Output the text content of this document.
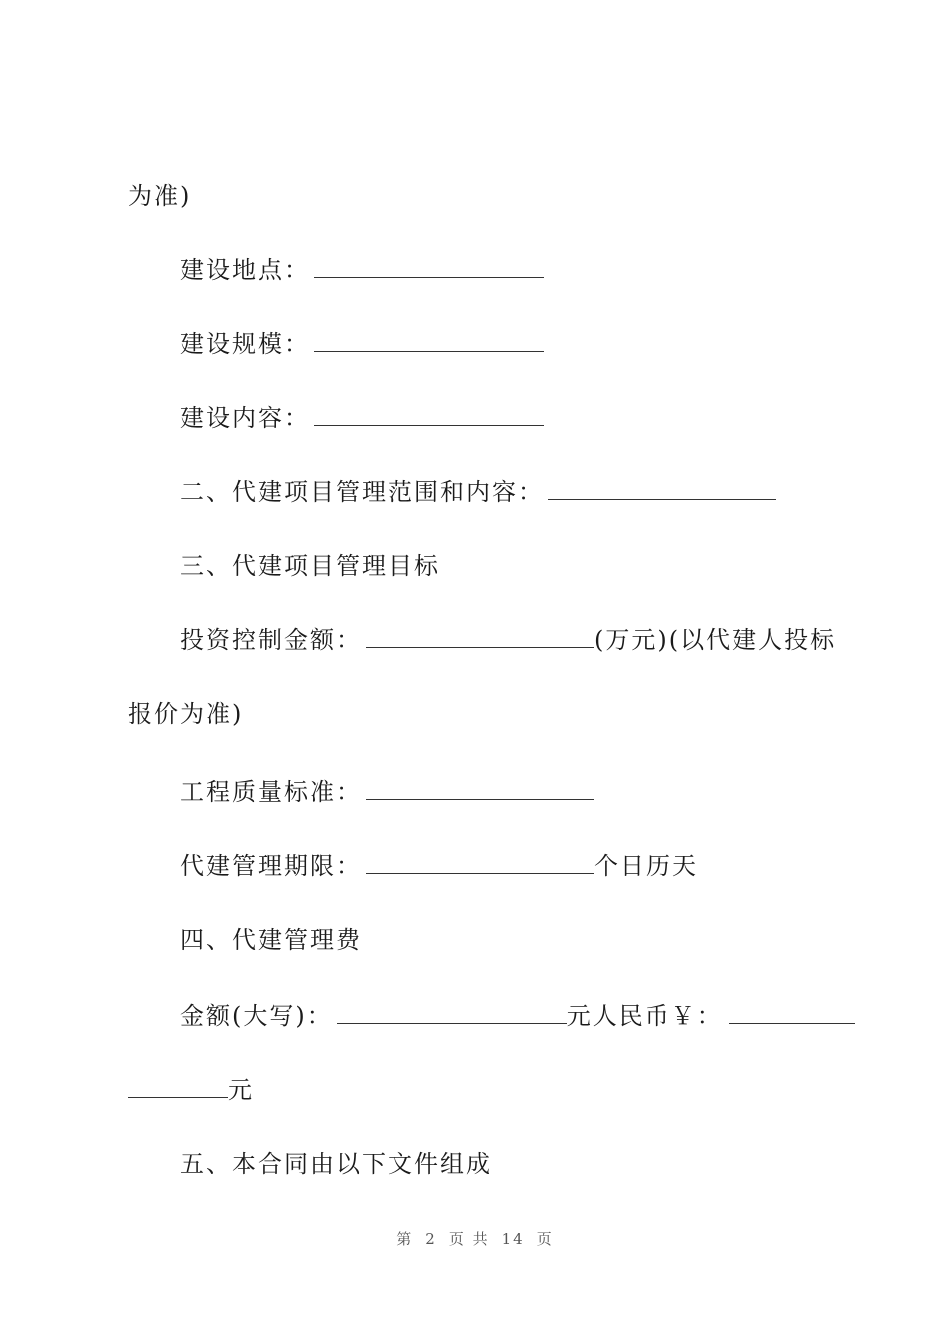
为准)
建设地点：
建设规模：
建设内容：
二、代建项目管理范围和内容：
三、代建项目管理目标
投资控制金额：	(万元)(以代建人投标
报价为准)
工程质量标准：
代建管理期限：	个日历天
四、代建管理费
金额(大写)：	元人民币￥：
元
五、本合同由以下文件组成
第 2 页 共 14 页
